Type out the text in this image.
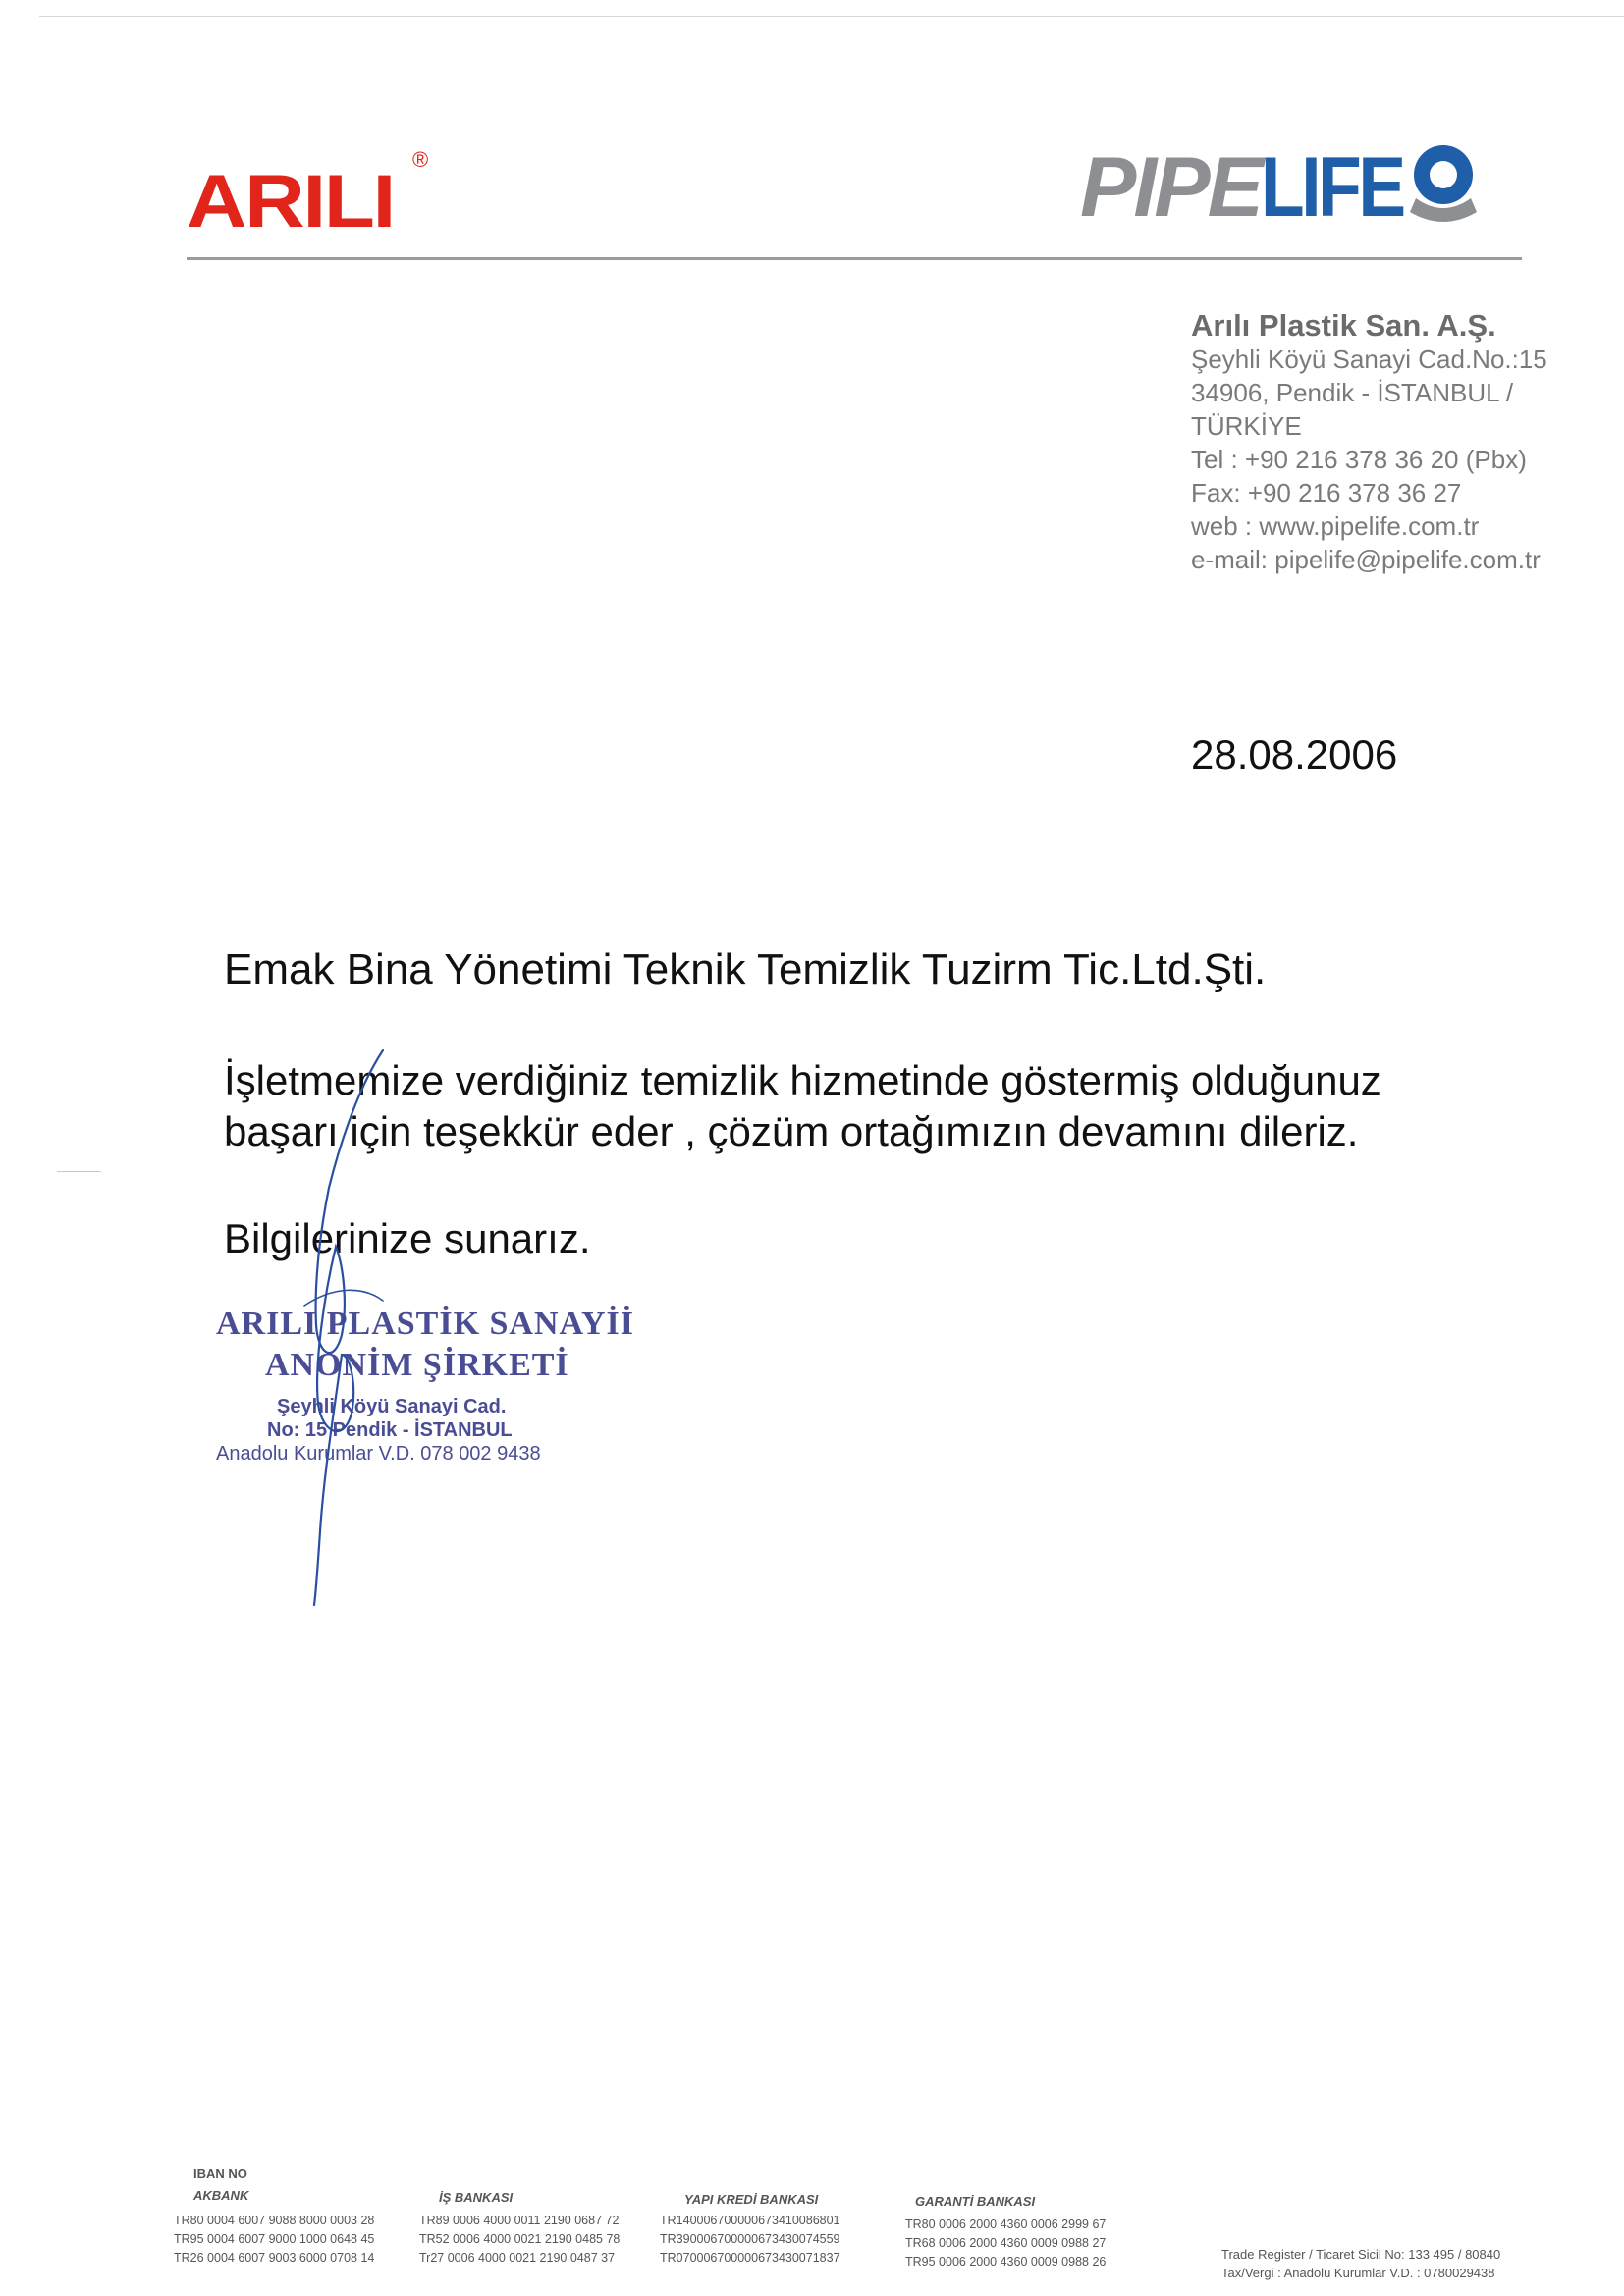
ARILI
®	PIPELIFE
Arılı Plastik San. A.Ş.
Şeyhli Köyü Sanayi Cad.No.:15
34906, Pendik - İSTANBUL / TÜRKİYE
Tel : +90 216 378 36 20 (Pbx)
Fax: +90 216 378 36 27
web : www.pipelife.com.tr
e-mail: pipelife@pipelife.com.tr
28.08.2006
Emak Bina Yönetimi Teknik Temizlik Tuzirm Tic.Ltd.Şti.
İşletmemize verdiğiniz temizlik hizmetinde göstermiş olduğunuz
başarı için teşekkür eder , çözüm ortağımızın devamını dileriz.
Bilgilerinize sunarız.
ARILI PLASTİK SANAYİİ
ANONİM ŞİRKETİ
Şeyhli Köyü Sanayi Cad.
No: 15 Pendik - İSTANBUL
Anadolu Kurumlar V.D. 078 002 9438
IBAN NO
AKBANK
TR80 0004 6007 9088 8000 0003 28
TR95 0004 6007 9000 1000 0648 45
TR26 0004 6007 9003 6000 0708 14
İŞ BANKASI
TR89 0006 4000 0011 2190 0687 72
TR52 0006 4000 0021 2190 0485 78
Tr27 0006 4000 0021 2190 0487 37
YAPI KREDİ BANKASI
TR140006700000673410086801
TR390006700000673430074559
TR070006700000673430071837
GARANTİ BANKASI
TR80 0006 2000 4360 0006 2999 67
TR68 0006 2000 4360 0009 0988 27
TR95 0006 2000 4360 0009 0988 26	Trade Register / Ticaret Sicil No: 133 495 / 80840
Tax/Vergi : Anadolu Kurumlar V.D. : 0780029438
